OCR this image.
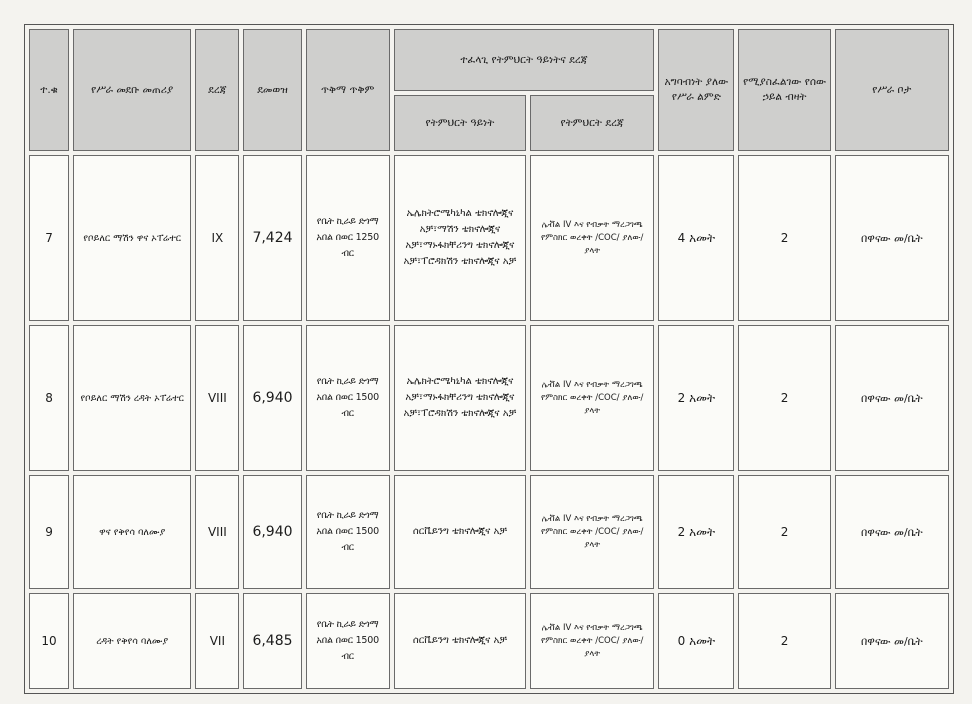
ተ.ቁ	የሥራ መደቡ መጠሪያ	ደረጃ	ደመወዝ	ጥቅማ ጥቅም	ተፈላጊ የትምህርት ዓይነትና ደረጃ		አግባብነት ያለው የሥራ ልምድ	የሚያስፈልገው የሰው ኃይል ብዛት	የሥራ ቦታ
					የትምህርት ዓይነት	የትምህርት ደረጃ			
7	የቦይለር ማሽን ዋና ኦፐሬተር	IX	7,424	የቤት ኪራይ ድጎማ አበል በወር 1250 ብር	ኤሌክትሮሜካኒካል ቴክኖሎጂና አቻ፣ማሽን ቴክኖሎጂና አቻ፣ማኑፋክቸሪንግ ቴክኖሎጂና አቻ፣ፐሮዳክሽን ቴክኖሎጂና አቻ	ሌቭል IV እና የብቃት ማረጋገጫ የምስክር ወረቀት /COC/ ያለው/ያላት	4 አመት	2	በዋናው መ/ቤት
8	የቦይለር ማሽን ረዳት ኦፐሬተር	VIII	6,940	የቤት ኪራይ ድጎማ አበል በወር 1500 ብር	ኤሌክትሮሜካኒካል ቴክኖሎጂና አቻ፣ማኑፋክቸሪንግ ቴክኖሎጂና አቻ፣ፐሮዳክሽን ቴክኖሎጂና አቻ	ሌቭል IV እና የብቃት ማረጋገጫ የምስክር ወረቀት /COC/ ያለው/ያላት	2 አመት	2	በዋናው መ/ቤት
9	ዋና የቅየሳ ባለሙያ	VIII	6,940	የቤት ኪራይ ድጎማ አበል በወር 1500 ብር	ሰርቬይንግ ቴክኖሎጂና አቻ	ሌቭል IV እና የብቃት ማረጋገጫ የምስክር ወረቀት /COC/ ያለው/ያላት	2 አመት	2	በዋናው መ/ቤት
10	ረዳት የቅየሳ ባለሙያ	VII	6,485	የቤት ኪራይ ድጎማ አበል በወር 1500 ብር	ሰርቬይንግ ቴክኖሎጂና አቻ	ሌቭል IV እና የብቃት ማረጋገጫ የምስክር ወረቀት /COC/ ያለው/ያላት	0 አመት	2	በዋናው መ/ቤት
